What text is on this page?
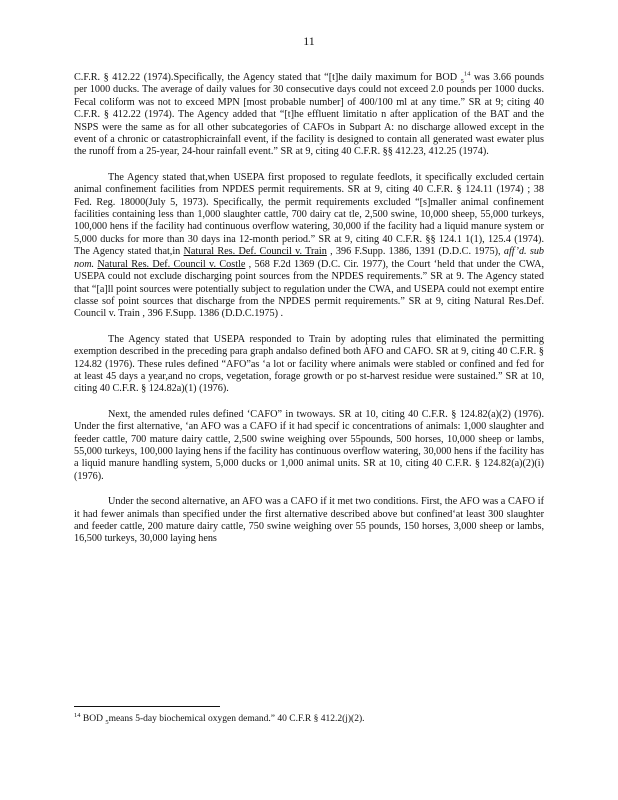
11

C.F.R. § 412.22 (1974).Specifically, the Agency stated that “[t]he daily maximum for BOD $_5^{14}$ was 3.66 pounds per 1000 ducks. The average of daily values for 30 consecutive days could not exceed 2.0 pounds per 1000 ducks. Fecal coliform was not to exceed MPN [most probable number] of 400/100 ml at any time.” SR at 9; citing 40 C.F.R. § 412.22 (1974). The Agency added that “[t]he effluent limitatio n after application of the BAT and the NSPS were the same as for all other subcategories of CAFOs in Subpart A: no discharge allowed except in the event of a chronic or catastrophicrainfall event, if the facility is designed to contain all generated wast ewater plus the runoff from a 25-year, 24-hour rainfall event.” SR at 9, citing 40 C.F.R. §§ 412.23, 412.25 (1974).

The Agency stated that,when USEPA first proposed to regulate feedlots, it specifically excluded certain animal confinement facilities from NPDES permit requirements. SR at 9, citing 40 C.F.R. § 124.11 (1974) ; 38 Fed. Reg. 18000(July 5, 1973). Specifically, the permit requirements excluded “[s]maller animal confinement facilities containing less than 1,000 slaughter cattle, 700 dairy cat tle, 2,500 swine, 10,000 sheep, 55,000 turkeys, 100,000 hens if the facility had continuous overflow watering, 30,000 if the facility had a liquid manure system or 5,000 ducks for more than 30 days ina 12-month period.” SR at 9, citing 40 C.F.R. §§ 124.1 1(1), 125.4 (1974). The Agency stated that,in Natural Res. Def. Council v. Train , 396 F.Supp. 1386, 1391 (D.D.C. 1975), aff’d. sub nom. Natural Res. Def. Council v. Costle , 568 F.2d 1369 (D.C. Cir. 1977), the Court ‘held that under the CWA, USEPA could not exclude discharging point sources from the NPDES requirements.” SR at 9. The Agency stated that “[a]ll point sources were potentially subject to regulation under the CWA, and USEPA could not exempt entire classe sof point sources that discharge from the NPDES permit requirements.” SR at 9, citing Natural Res.Def. Council v. Train , 396 F.Supp. 1386 (D.D.C.1975) .

The Agency stated that USEPA responded to Train by adopting rules that eliminated the permitting exemption described in the preceding para graph andalso defined both AFO and CAFO. SR at 9, citing 40 C.F.R. § 124.82 (1976). These rules defined “AFO”as ‘a lot or facility where animals were stabled or confined and fed for at least 45 days a year,and no crops, vegetation, forage growth or po st-harvest residue were sustained.” SR at 10, citing 40 C.F.R. § 124.82a)(1) (1976).

Next, the amended rules defined ‘CAFO” in twoways. SR at 10, citing 40 C.F.R. § 124.82(a)(2) (1976). Under the first alternative, ‘an AFO was a CAFO if it had specif ic concentrations of animals: 1,000 slaughter and feeder cattle, 700 mature dairy cattle, 2,500 swine weighing over 55pounds, 500 horses, 10,000 sheep or lambs, 55,000 turkeys, 100,000 laying hens if the facility has continuous overflow watering, 30,000 hens if the facility has a liquid manure handling system, 5,000 ducks or 1,000 animal units. SR at 10, citing 40 C.F.R. § 124.82(a)(2)(i) (1976).

Under the second alternative, an AFO was a CAFO if it met two conditions. First, the AFO was a CAFO if it had fewer animals than specified under the first alternative described above but confined‘at least 300 slaughter and feeder cattle, 200 mature dairy cattle, 750 swine weighing over 55 pounds, 150 horses, 3,000 sheep or lambs, 16,500 turkeys, 30,000 laying hens

$^{14}$ BOD $_5$means 5-day biochemical oxygen demand.” 40 C.F.R § 412.2(j)(2).
